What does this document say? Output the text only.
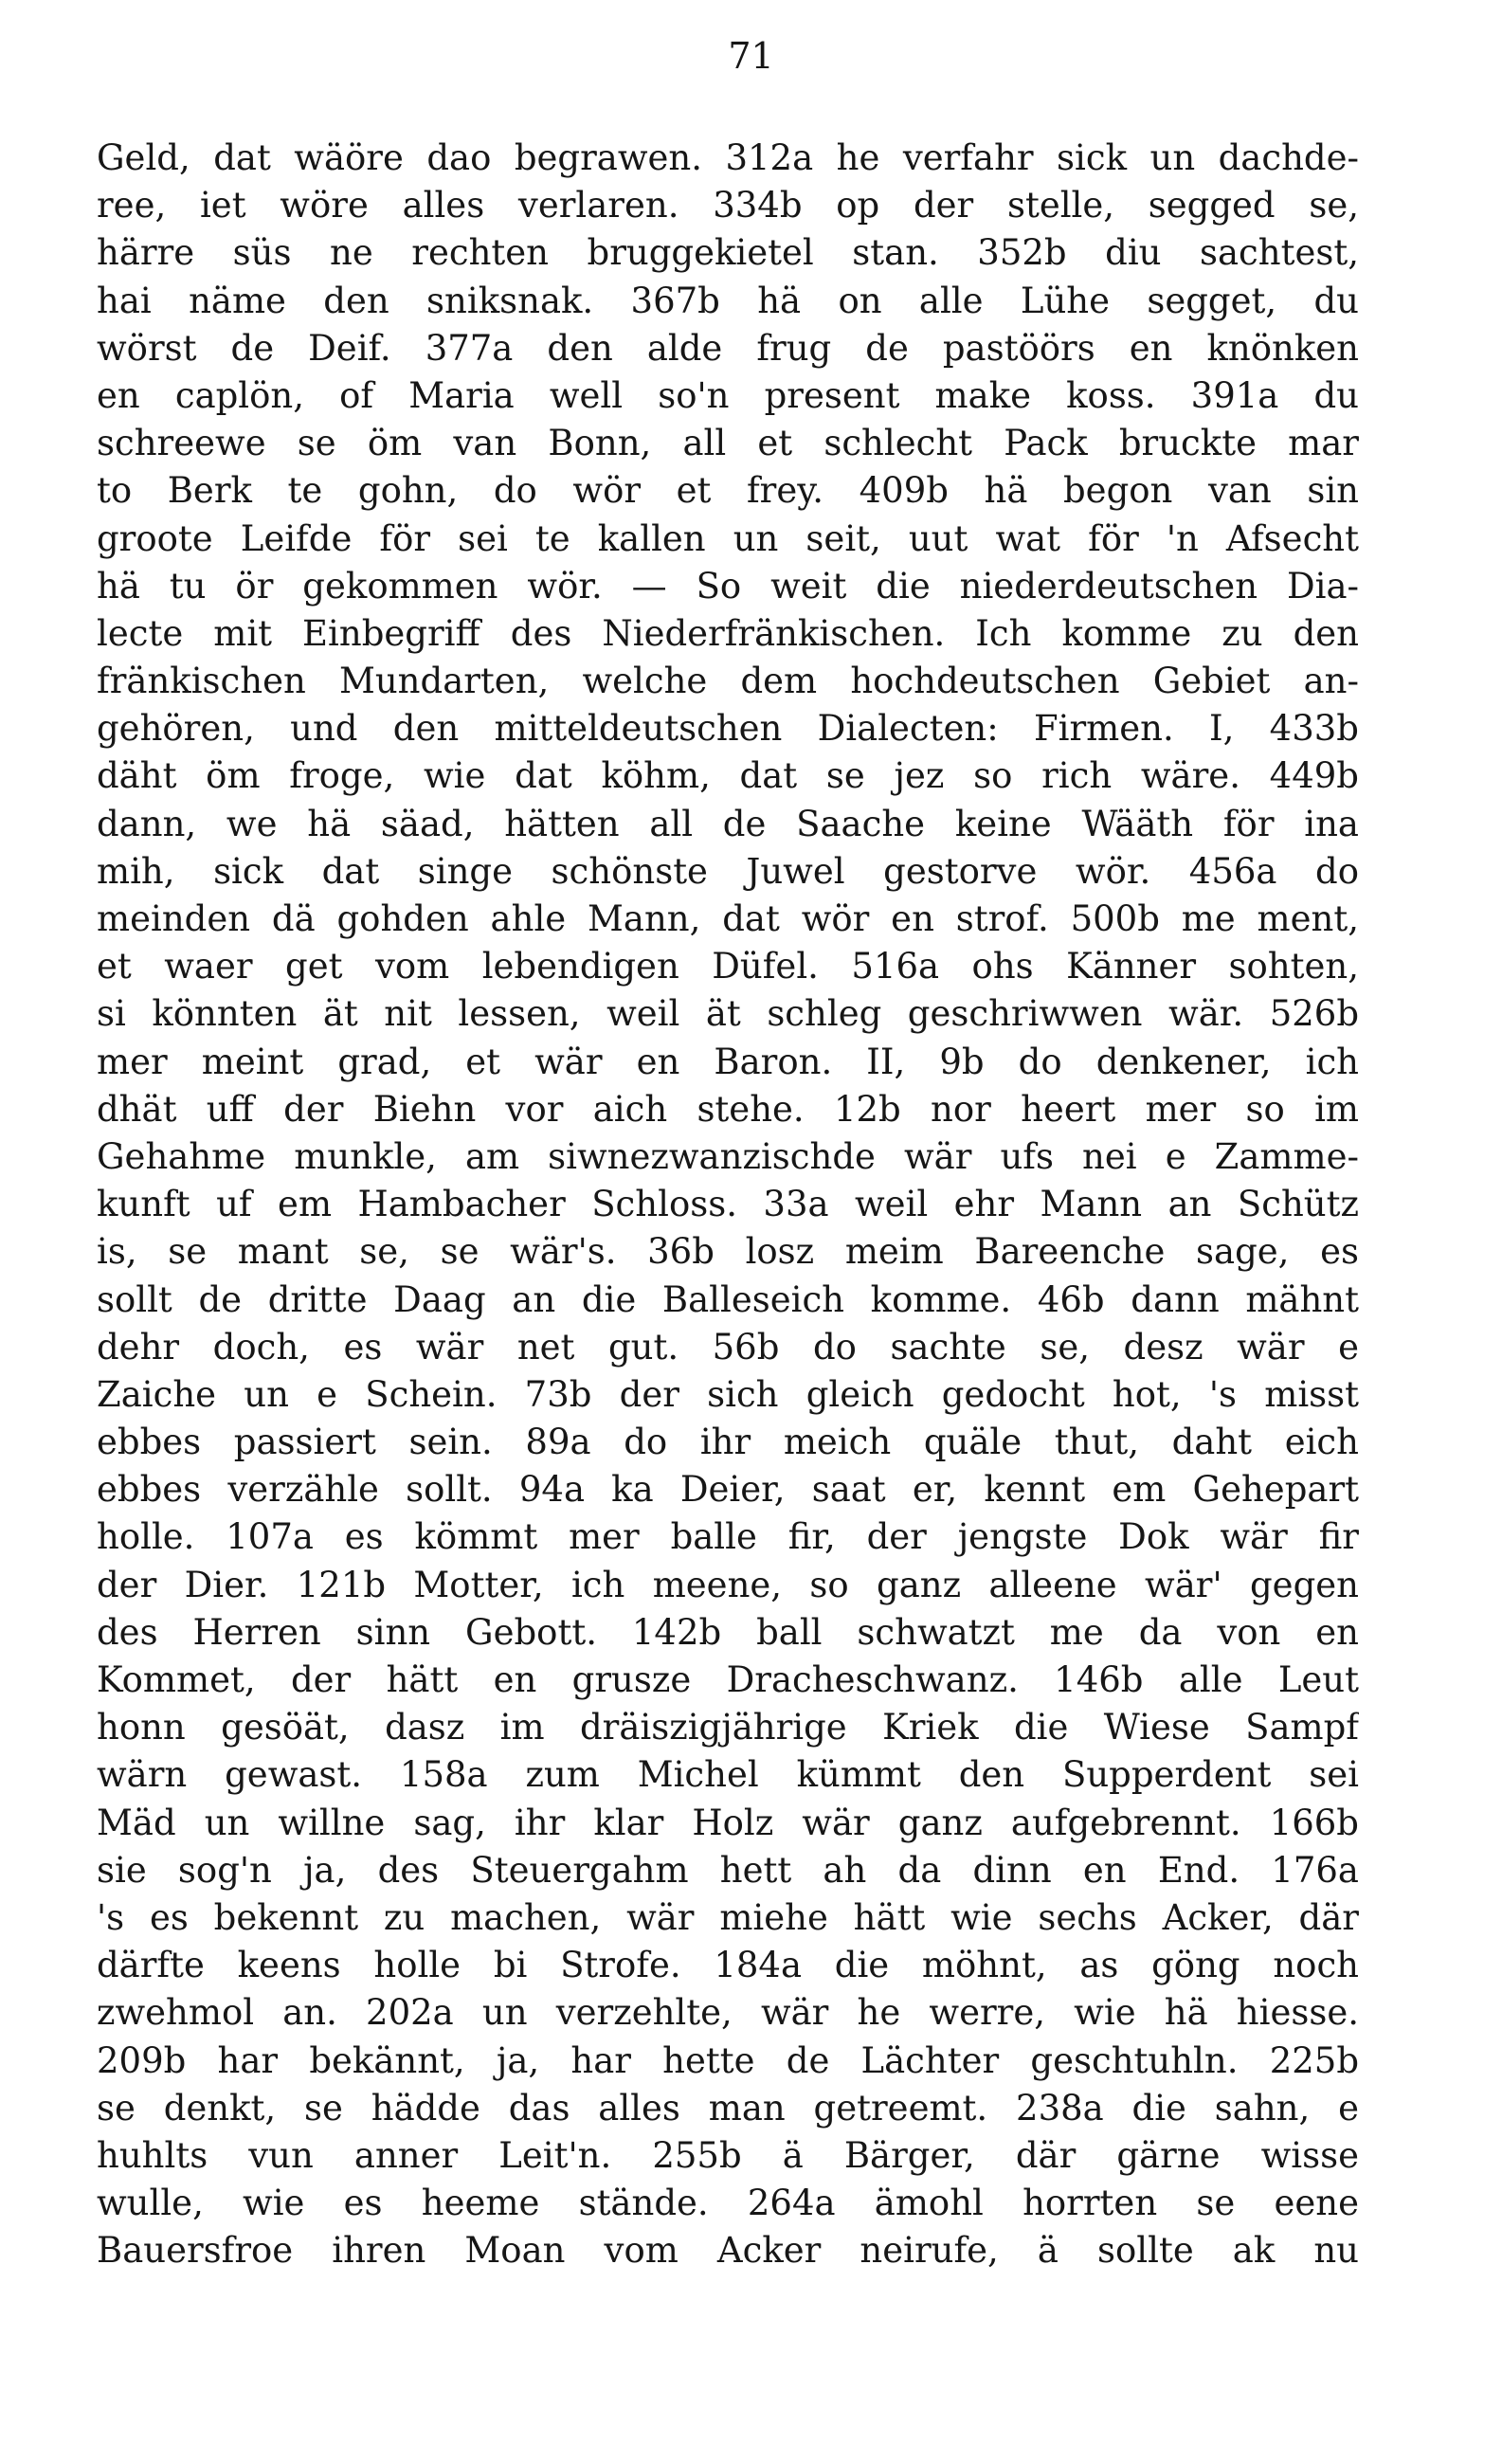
71
Geld, dat wäöre dao begrawen. 312a he verfahr sick un dachde-
ree, iet wöre alles verlaren. 334b op der stelle, segged se,
härre süs ne rechten bruggekietel stan. 352b diu sachtest,
hai näme den sniksnak. 367b hä on alle Lühe segget, du
wörst de Deif. 377a den alde frug de pastöörs en knönken
en caplön, of Maria well so'n present make koss. 391a du
schreewe se öm van Bonn, all et schlecht Pack bruckte mar
to Berk te gohn, do wör et frey. 409b hä begon van sin
groote Leifde för sei te kallen un seit, uut wat för 'n Afsecht
hä tu ör gekommen wör. — So weit die niederdeutschen Dia-
lecte mit Einbegriff des Niederfränkischen. Ich komme zu den
fränkischen Mundarten, welche dem hochdeutschen Gebiet an-
gehören, und den mitteldeutschen Dialecten: Firmen. I, 433b
däht öm froge, wie dat köhm, dat se jez so rich wäre. 449b
dann, we hä säad, hätten all de Saache keine Wääth för ina
mih, sick dat singe schönste Juwel gestorve wör. 456a do
meinden dä gohden ahle Mann, dat wör en strof. 500b me ment,
et waer get vom lebendigen Düfel. 516a ohs Känner sohten,
si könnten ät nit lessen, weil ät schleg geschriwwen wär. 526b
mer meint grad, et wär en Baron. II, 9b do denkener, ich
dhät uff der Biehn vor aich stehe. 12b nor heert mer so im
Gehahme munkle, am siwnezwanzischde wär ufs nei e Zamme-
kunft uf em Hambacher Schloss. 33a weil ehr Mann an Schütz
is, se mant se, se wär's. 36b losz meim Bareenche sage, es
sollt de dritte Daag an die Balleseich komme. 46b dann mähnt
dehr doch, es wär net gut. 56b do sachte se, desz wär e
Zaiche un e Schein. 73b der sich gleich gedocht hot, 's misst
ebbes passiert sein. 89a do ihr meich quäle thut, daht eich
ebbes verzähle sollt. 94a ka Deier, saat er, kennt em Gehepart
holle. 107a es kömmt mer balle fir, der jengste Dok wär fir
der Dier. 121b Motter, ich meene, so ganz alleene wär' gegen
des Herren sinn Gebott. 142b ball schwatzt me da von en
Kommet, der hätt en grusze Dracheschwanz. 146b alle Leut
honn gesöät, dasz im dräiszigjährige Kriek die Wiese Sampf
wärn gewast. 158a zum Michel kümmt den Supperdent sei
Mäd un willne sag, ihr klar Holz wär ganz aufgebrennt. 166b
sie sog'n ja, des Steuergahm hett ah da dinn en End. 176a
's es bekennt zu machen, wär miehe hätt wie sechs Acker, där
därfte keens holle bi Strofe. 184a die möhnt, as göng noch
zwehmol an. 202a un verzehlte, wär he werre, wie hä hiesse.
209b har bekännt, ja, har hette de Lächter geschtuhln. 225b
se denkt, se hädde das alles man getreemt. 238a die sahn, e
huhlts vun anner Leit'n. 255b ä Bärger, där gärne wisse
wulle, wie es heeme stände. 264a ämohl horrten se eene
Bauersfroe ihren Moan vom Acker neirufe, ä sollte ak nu
